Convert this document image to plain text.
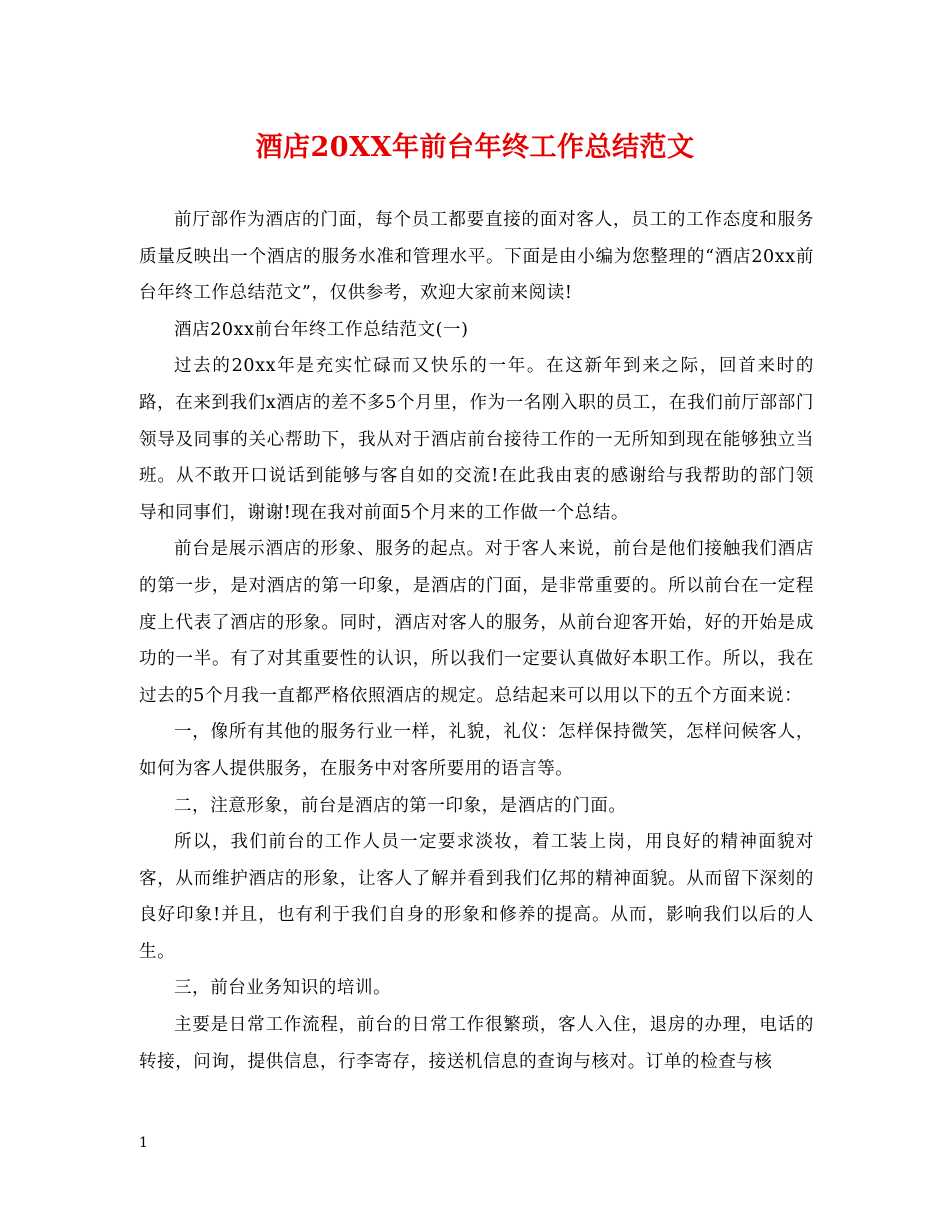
酒店20XX年前台年终工作总结范文

前厅部作为酒店的门面，每个员工都要直接的面对客人，员工的工作态度和服务质量反映出一个酒店的服务水准和管理水平。下面是由小编为您整理的“酒店20xx前台年终工作总结范文”，仅供参考，欢迎大家前来阅读!

酒店20xx前台年终工作总结范文(一)

过去的20xx年是充实忙碌而又快乐的一年。在这新年到来之际，回首来时的路，在来到我们x酒店的差不多5个月里，作为一名刚入职的员工，在我们前厅部部门领导及同事的关心帮助下，我从对于酒店前台接待工作的一无所知到现在能够独立当班。从不敢开口说话到能够与客自如的交流!在此我由衷的感谢给与我帮助的部门领导和同事们，谢谢!现在我对前面5个月来的工作做一个总结。

前台是展示酒店的形象、服务的起点。对于客人来说，前台是他们接触我们酒店的第一步，是对酒店的第一印象，是酒店的门面，是非常重要的。所以前台在一定程度上代表了酒店的形象。同时，酒店对客人的服务，从前台迎客开始，好的开始是成功的一半。有了对其重要性的认识，所以我们一定要认真做好本职工作。所以，我在过去的5个月我一直都严格依照酒店的规定。总结起来可以用以下的五个方面来说：

一，像所有其他的服务行业一样，礼貌，礼仪：怎样保持微笑，怎样问候客人，如何为客人提供服务，在服务中对客所要用的语言等。

二，注意形象，前台是酒店的第一印象，是酒店的门面。

所以，我们前台的工作人员一定要求淡妆，着工装上岗，用良好的精神面貌对客，从而维护酒店的形象，让客人了解并看到我们亿邦的精神面貌。从而留下深刻的良好印象!并且，也有利于我们自身的形象和修养的提高。从而，影响我们以后的人生。

三，前台业务知识的培训。

主要是日常工作流程，前台的日常工作很繁琐，客人入住，退房的办理，电话的转接，问询，提供信息，行李寄存，接送机信息的查询与核对。订单的检查与核

1
